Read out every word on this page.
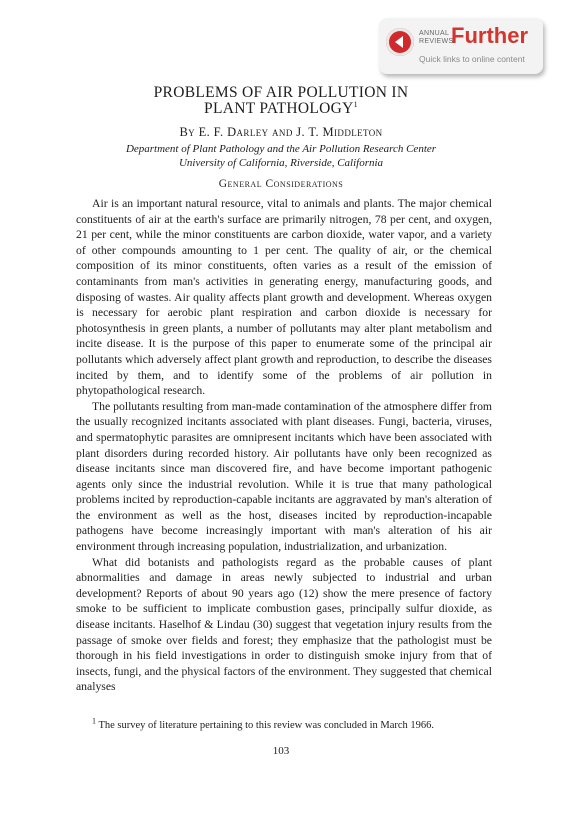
ANNUAL
REVIEWS
Further
Quick links to online content
PROBLEMS OF AIR POLLUTION IN
PLANT PATHOLOGY$^1$
By E. F. Darley and J. T. Middleton
Department of Plant Pathology and the Air Pollution Research Center
University of California, Riverside, California
General Considerations

Air is an important natural resource, vital to animals and plants. The major chemical constituents of air at the earth's surface are primarily nitrogen, 78 per cent, and oxygen, 21 per cent, while the minor constituents are carbon dioxide, water vapor, and a variety of other compounds amounting to 1 per cent. The quality of air, or the chemical composition of its minor constituents, often varies as a result of the emission of contaminants from man's activities in generating energy, manufacturing goods, and disposing of wastes. Air quality affects plant growth and development. Whereas oxygen is necessary for aerobic plant respiration and carbon dioxide is necessary for photosynthesis in green plants, a number of pollutants may alter plant metabolism and incite disease. It is the purpose of this paper to enumerate some of the principal air pollutants which adversely affect plant growth and reproduction, to describe the diseases incited by them, and to identify some of the problems of air pollution in phytopathological research.

The pollutants resulting from man-made contamination of the atmosphere differ from the usually recognized incitants associated with plant diseases. Fungi, bacteria, viruses, and spermatophytic parasites are omnipresent incitants which have been associated with plant disorders during recorded history. Air pollutants have only been recognized as disease incitants since man discovered fire, and have become important pathogenic agents only since the industrial revolution. While it is true that many pathological problems incited by reproduction-capable incitants are aggravated by man's alteration of the environment as well as the host, diseases incited by reproduction-incapable pathogens have become increasingly important with man's alteration of his air environment through increasing population, industrialization, and urbanization.

What did botanists and pathologists regard as the probable causes of plant abnormalities and damage in areas newly subjected to industrial and urban development? Reports of about 90 years ago (12) show the mere presence of factory smoke to be sufficient to implicate combustion gases, principally sulfur dioxide, as disease incitants. Haselhof & Lindau (30) suggest that vegetation injury results from the passage of smoke over fields and forest; they emphasize that the pathologist must be thorough in his field investigations in order to distinguish smoke injury from that of insects, fungi, and the physical factors of the environment. They suggested that chemical analyses

$^1$ The survey of literature pertaining to this review was concluded in March 1966.
103
